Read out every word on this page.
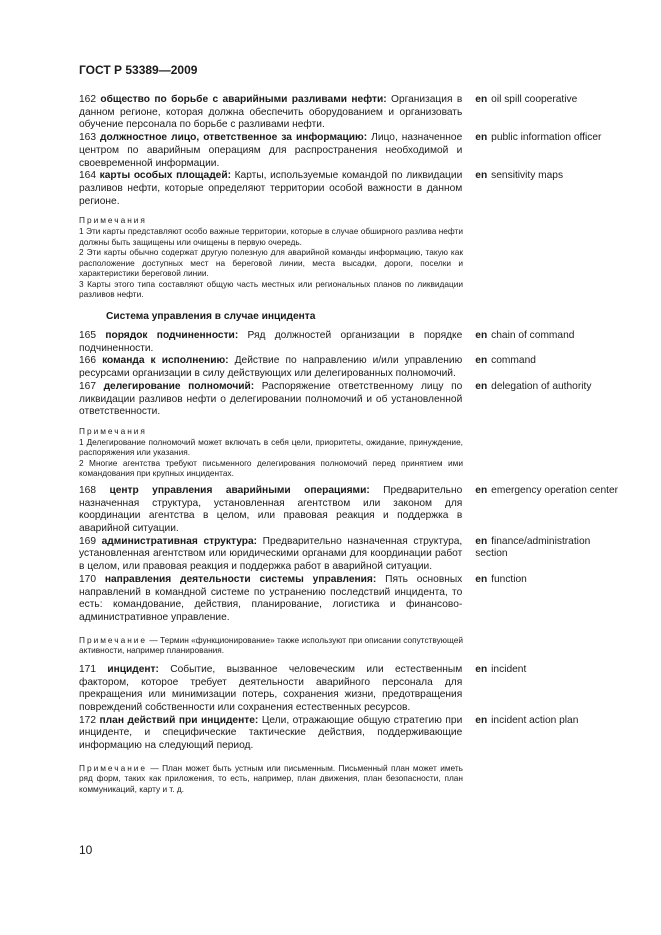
ГОСТ Р 53389—2009
162 общество по борьбе с аварийными разливами нефти: Организация в данном регионе, которая должна обеспечить оборудованием и организовать обучение персонала по борьбе с разливами нефти.
en oil spill cooperative
163 должностное лицо, ответственное за информацию: Лицо, назначенное центром по аварийным операциям для распространения необходимой и своевременной информации.
en public information officer
164 карты особых площадей: Карты, используемые командой по ликвидации разливов нефти, которые определяют территории особой важности в данном регионе.
en sensitivity maps
Примечания
1 Эти карты представляют особо важные территории, которые в случае обширного разлива нефти должны быть защищены или очищены в первую очередь.
2 Эти карты обычно содержат другую полезную для аварийной команды информацию, такую как расположение доступных мест на береговой линии, места высадки, дороги, поселки и характеристики береговой линии.
3 Карты этого типа составляют общую часть местных или региональных планов по ликвидации разливов нефти.
Система управления в случае инцидента
165 порядок подчиненности: Ряд должностей организации в порядке подчиненности.
en chain of command
166 команда к исполнению: Действие по направлению и/или управлению ресурсами организации в силу действующих или делегированных полномочий.
en command
167 делегирование полномочий: Распоряжение ответственному лицу по ликвидации разливов нефти о делегировании полномочий и об установленной ответственности.
en delegation of authority
Примечания
1 Делегирование полномочий может включать в себя цели, приоритеты, ожидание, принуждение, распоряжения или указания.
2 Многие агентства требуют письменного делегирования полномочий перед принятием ими командования при крупных инцидентах.
168 центр управления аварийными операциями: Предварительно назначенная структура, установленная агентством или законом для координации агентства в целом, или правовая реакция и поддержка в аварийной ситуации.
en emergency operation center
169 административная структура: Предварительно назначенная структура, установленная агентством или юридическими органами для координации работ в целом, или правовая реакция и поддержка работ в аварийной ситуации.
en finance/administration section
170 направления деятельности системы управления: Пять основных направлений в командной системе по устранению последствий инцидента, то есть: командование, действия, планирование, логистика и финансово-административное управление.
en function
Примечание — Термин «функционирование» также используют при описании сопутствующей активности, например планирования.
171 инцидент: Событие, вызванное человеческим или естественным фактором, которое требует деятельности аварийного персонала для прекращения или минимизации потерь, сохранения жизни, предотвращения повреждений собственности или сохранения естественных ресурсов.
en incident
172 план действий при инциденте: Цели, отражающие общую стратегию при инциденте, и специфические тактические действия, поддерживающие информацию на следующий период.
en incident action plan
Примечание — План может быть устным или письменным. Письменный план может иметь ряд форм, таких как приложения, то есть, например, план движения, план безопасности, план коммуникаций, карту и т. д.
10
